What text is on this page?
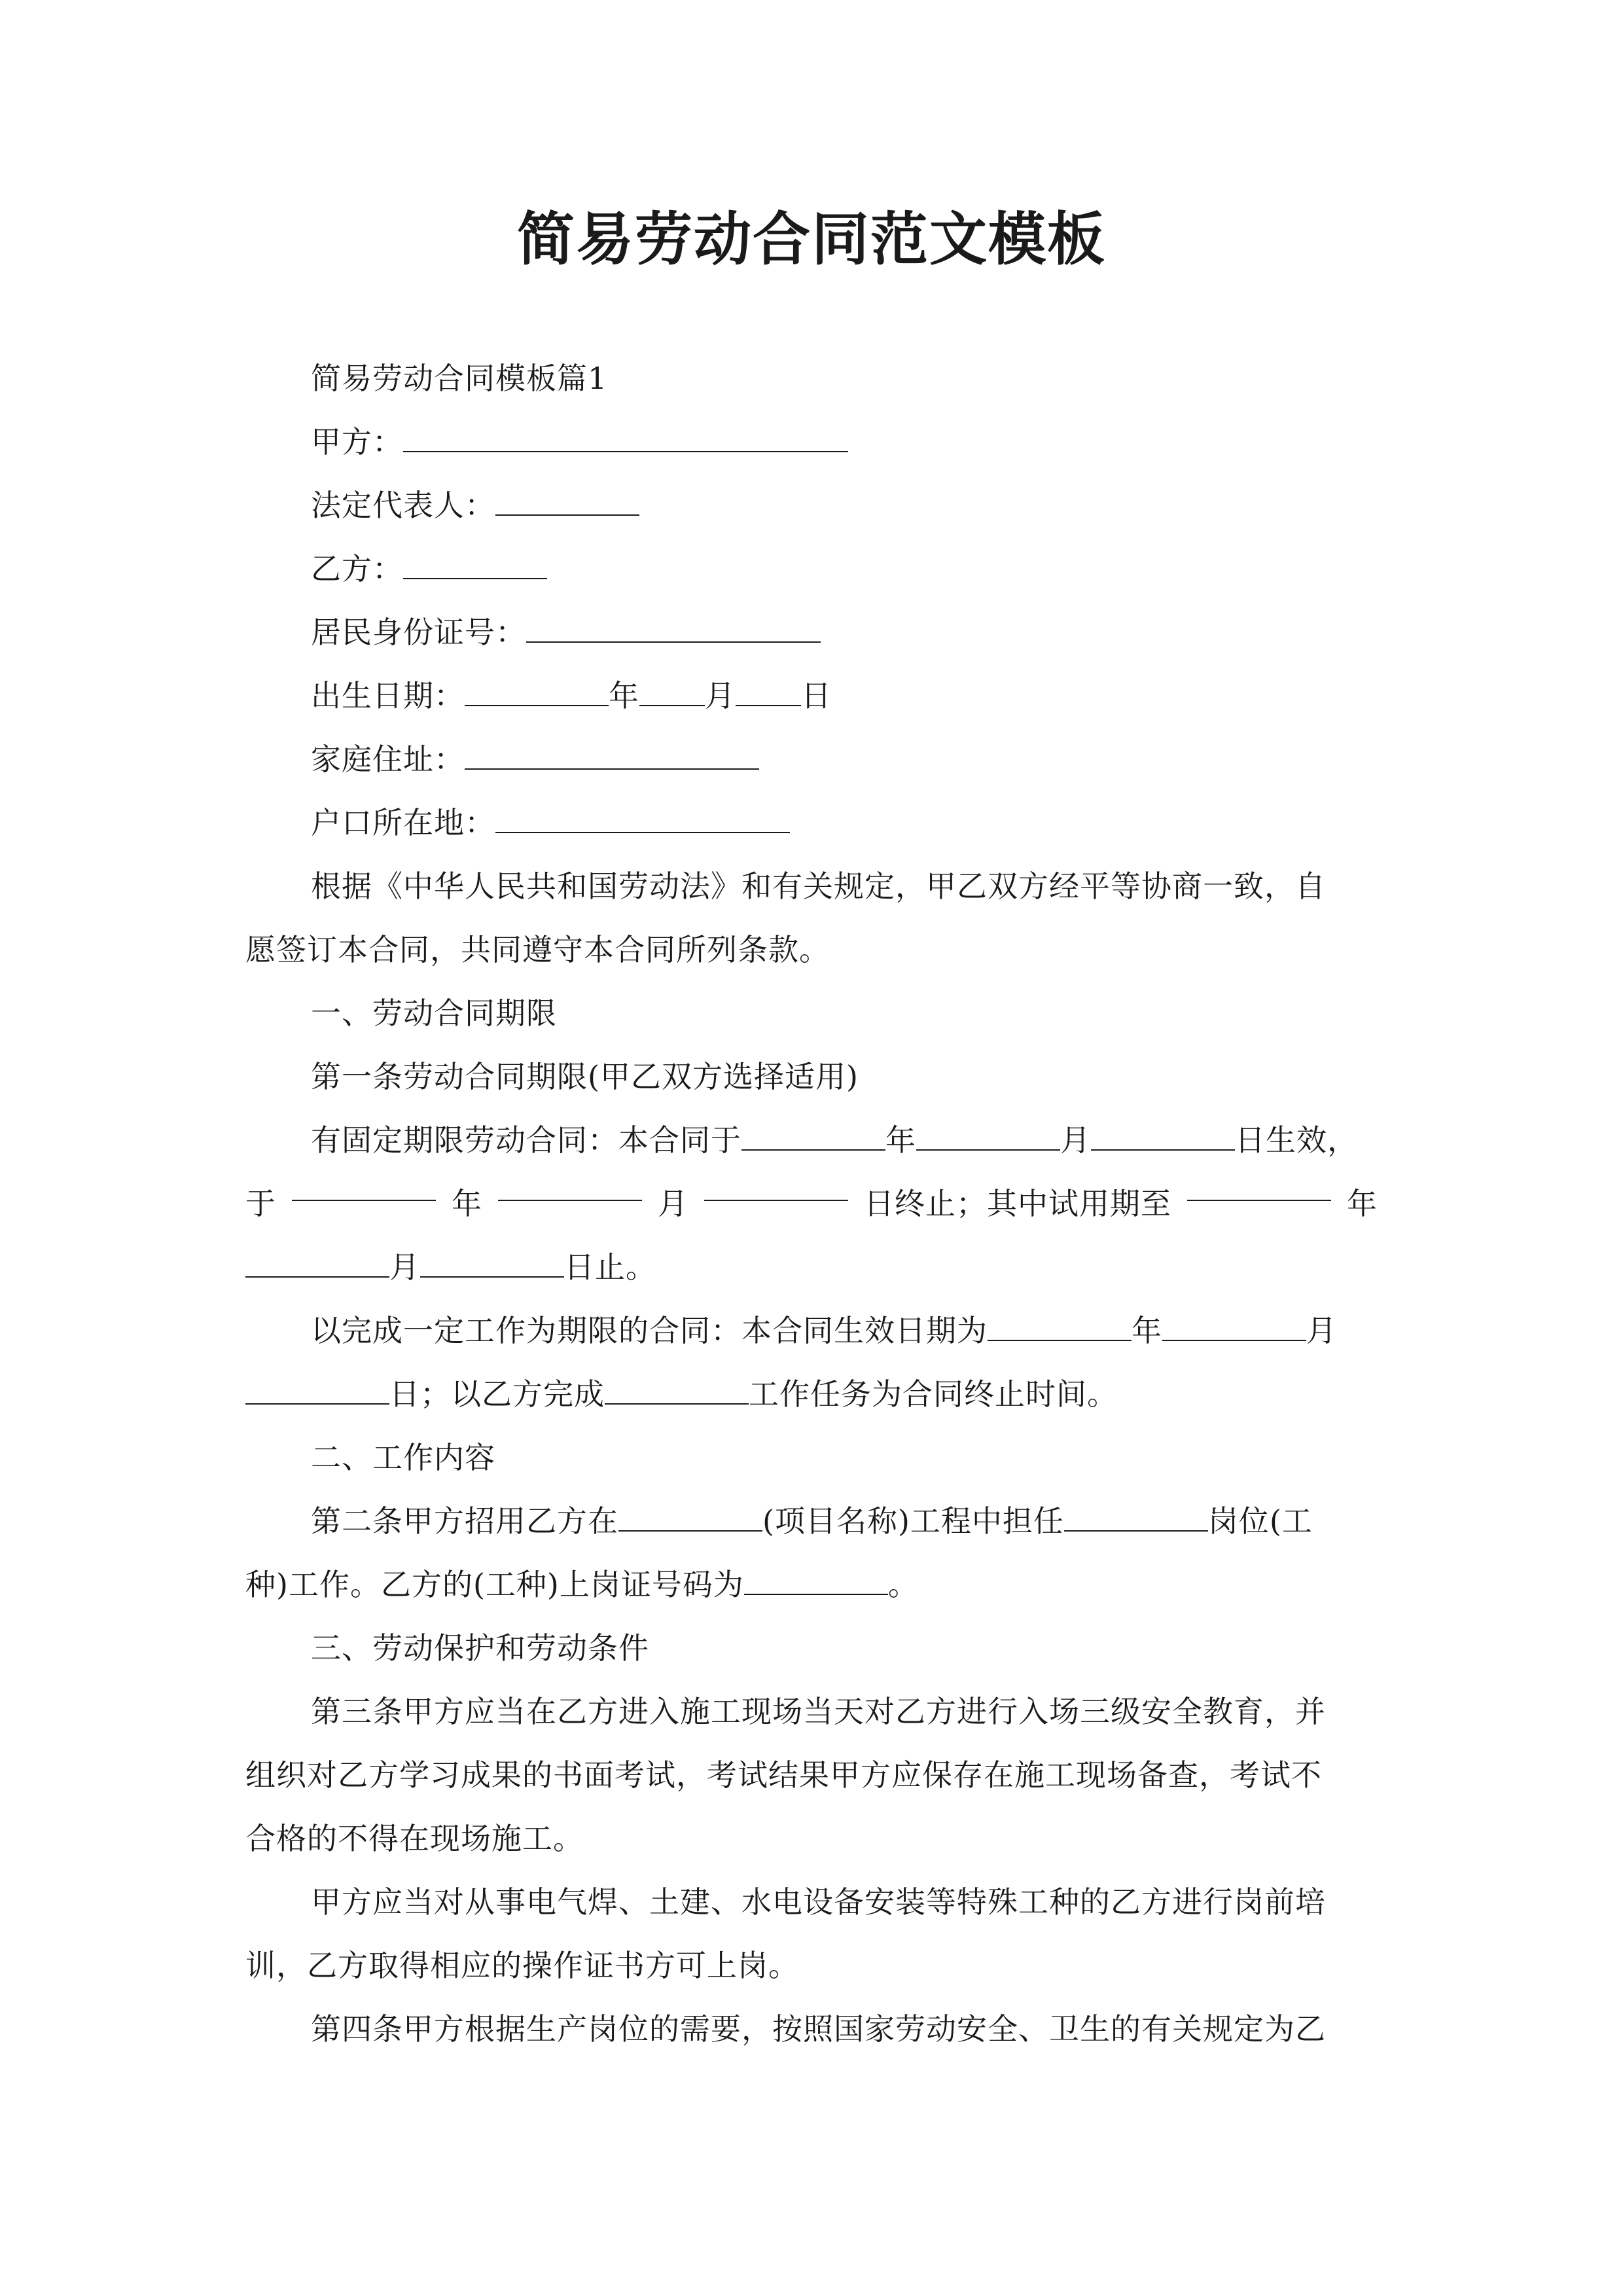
简易劳动合同范文模板
简易劳动合同模板篇1
甲方：
法定代表人：
乙方：
居民身份证号：
出生日期：	年 月 日
家庭住址：
户口所在地：
根据《中华人民共和国劳动法》和有关规定，甲乙双方经平等协商一致，自
愿签订本合同，共同遵守本合同所列条款。
一、劳动合同期限
第一条劳动合同期限(甲乙双方选择适用)
有固定期限劳动合同：本合同于	年	月	日生效，
于	年	月	日终止；其中试用期至	年
月	日止。
以完成一定工作为期限的合同：本合同生效日期为	年	月
日；以乙方完成	工作任务为合同终止时间。
二、工作内容
第二条甲方招用乙方在	(项目名称)工程中担任	岗位(工
种)工作。乙方的(工种)上岗证号码为	。
三、劳动保护和劳动条件
第三条甲方应当在乙方进入施工现场当天对乙方进行入场三级安全教育，并
组织对乙方学习成果的书面考试，考试结果甲方应保存在施工现场备查，考试不
合格的不得在现场施工。
甲方应当对从事电气焊、土建、水电设备安装等特殊工种的乙方进行岗前培
训，乙方取得相应的操作证书方可上岗。
第四条甲方根据生产岗位的需要，按照国家劳动安全、卫生的有关规定为乙
